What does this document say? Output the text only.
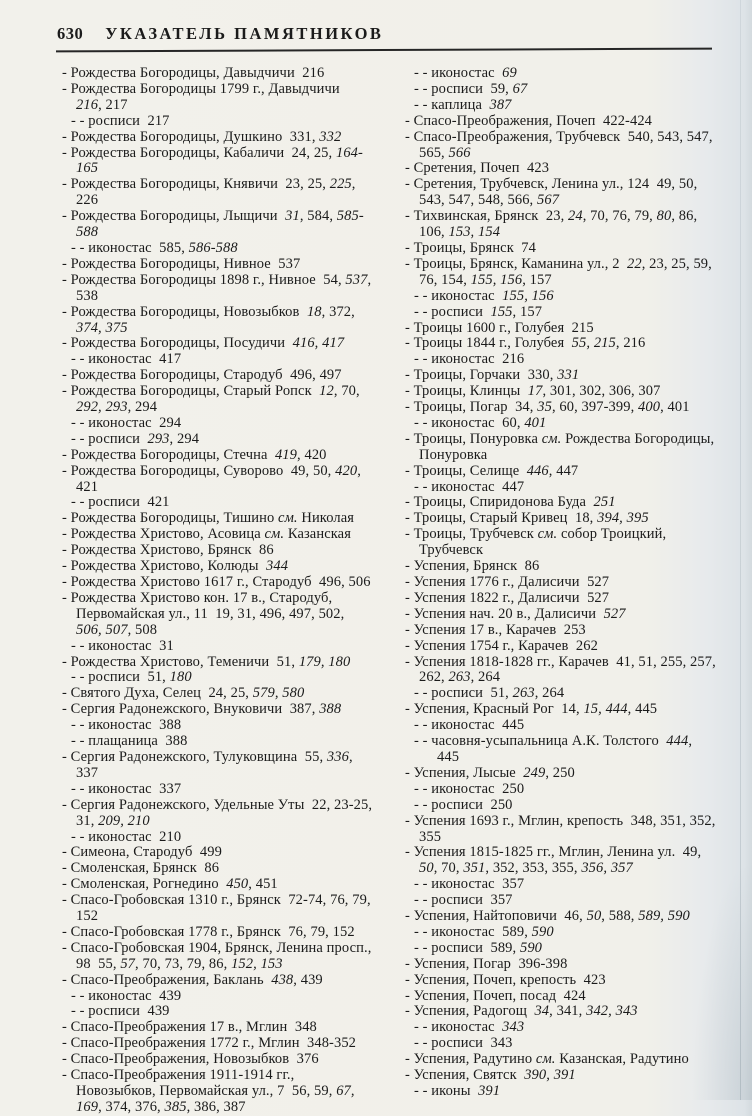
630 УКАЗАТЕЛЬ ПАМЯТНИКОВ
- Рождества Богородицы, Давыдчичи  216
- Рождества Богородицы 1799 г., Давыдчичи  216, 217
- - росписи  217
- Рождества Богородицы, Душкино  331, 332
- Рождества Богородицы, Кабаличи  24, 25, 164-165
- Рождества Богородицы, Княвичи  23, 25, 225, 226
- Рождества Богородицы, Лыщичи  31, 584, 585-588
- - иконостас  585, 586-588
- Рождества Богородицы, Нивное  537
- Рождества Богородицы 1898 г., Нивное  54, 537, 538
- Рождества Богородицы, Новозыбков  18, 372, 374, 375
- Рождества Богородицы, Посудичи  416, 417
- - иконостас  417
- Рождества Богородицы, Стародуб  496, 497
- Рождества Богородицы, Старый Ропск  12, 70, 292, 293, 294
- - иконостас  294
- - росписи  293, 294
- Рождества Богородицы, Стечна  419, 420
- Рождества Богородицы, Суворово  49, 50, 420, 421
- - росписи  421
- Рождества Богородицы, Тишино см. Николая
- Рождества Христово, Асовица см. Казанская
- Рождества Христово, Брянск  86
- Рождества Христово, Колюды  344
- Рождества Христово 1617 г., Стародуб  496, 506
- Рождества Христово кон. 17 в., Стародуб, Первомайская ул., 11  19, 31, 496, 497, 502, 506, 507, 508
- - иконостас  31
- Рождества Христово, Теменичи  51, 179, 180
- - росписи  51, 180
- Святого Духа, Селец  24, 25, 579, 580
- Сергия Радонежского, Внуковичи  387, 388
- - иконостас  388
- - плащаница  388
- Сергия Радонежского, Тулуковщина  55, 336, 337
- - иконостас  337
- Сергия Радонежского, Удельные Уты  22, 23-25, 31, 209, 210
- - иконостас  210
- Симеона, Стародуб  499
- Смоленская, Брянск  86
- Смоленская, Рогнедино  450, 451
- Спасо-Гробовская 1310 г., Брянск  72-74, 76, 79, 152
- Спасо-Гробовская 1778 г., Брянск  76, 79, 152
- Спасо-Гробовская 1904, Брянск, Ленина просп., 98  55, 57, 70, 73, 79, 86, 152, 153
- Спасо-Преображения, Баклань  438, 439
- - иконостас  439
- - росписи  439
- Спасо-Преображения 17 в., Мглин  348
- Спасо-Преображения 1772 г., Мглин  348-352
- Спасо-Преображения, Новозыбков  376
- Спасо-Преображения 1911-1914 гг., Новозыбков, Первомайская ул., 7  56, 59, 67, 169, 374, 376, 385, 386, 387
- - иконостас  69
- - росписи  59, 67
- - каплица  387
- Спасо-Преображения, Почеп  422-424
- Спасо-Преображения, Трубчевск  540, 543, 547, 565, 566
- Сретения, Почеп  423
- Сретения, Трубчевск, Ленина ул., 124  49, 50, 543, 547, 548, 566, 567
- Тихвинская, Брянск  23, 24, 70, 76, 79, 80, 86, 106, 153, 154
- Троицы, Брянск  74
- Троицы, Брянск, Каманина ул., 2  22, 23, 25, 59, 76, 154, 155, 156, 157
- - иконостас  155, 156
- - росписи  155, 157
- Троицы 1600 г., Голубея  215
- Троицы 1844 г., Голубея  55, 215, 216
- - иконостас  216
- Троицы, Горчаки  330, 331
- Троицы, Клинцы  17, 301, 302, 306, 307
- Троицы, Погар  34, 35, 60, 397-399, 400, 401
- - иконостас  60, 401
- Троицы, Понуровка см. Рождества Богородицы, Понуровка
- Троицы, Селище  446, 447
- - иконостас  447
- Троицы, Спиридонова Буда  251
- Троицы, Старый Кривец  18, 394, 395
- Троицы, Трубчевск см. собор Троицкий, Трубчевск
- Успения, Брянск  86
- Успения 1776 г., Далисичи  527
- Успения 1822 г., Далисичи  527
- Успения нач. 20 в., Далисичи  527
- Успения 17 в., Карачев  253
- Успения 1754 г., Карачев  262
- Успения 1818-1828 гг., Карачев  41, 51, 255, 257, 262, 263, 264
- - росписи  51, 263, 264
- Успения, Красный Рог  14, 15, 444, 445
- - иконостас  445
- - часовня-усыпальница А.К. Толстого  444, 445
- Успения, Лысые  249, 250
- - иконостас  250
- - росписи  250
- Успения 1693 г., Мглин, крепость  348, 351, 352, 355
- Успения 1815-1825 гг., Мглин, Ленина ул.  49, 50, 70, 351, 352, 353, 355, 356, 357
- - иконостас  357
- - росписи  357
- Успения, Найтоповичи  46, 50, 588, 589, 590
- - иконостас  589, 590
- - росписи  589, 590
- Успения, Погар  396-398
- Успения, Почеп, крепость  423
- Успения, Почеп, посад  424
- Успения, Радогощ  34, 341, 342, 343
- - иконостас  343
- - росписи  343
- Успения, Радутино см. Казанская, Радутино
- Успения, Святск  390, 391
- - иконы  391
